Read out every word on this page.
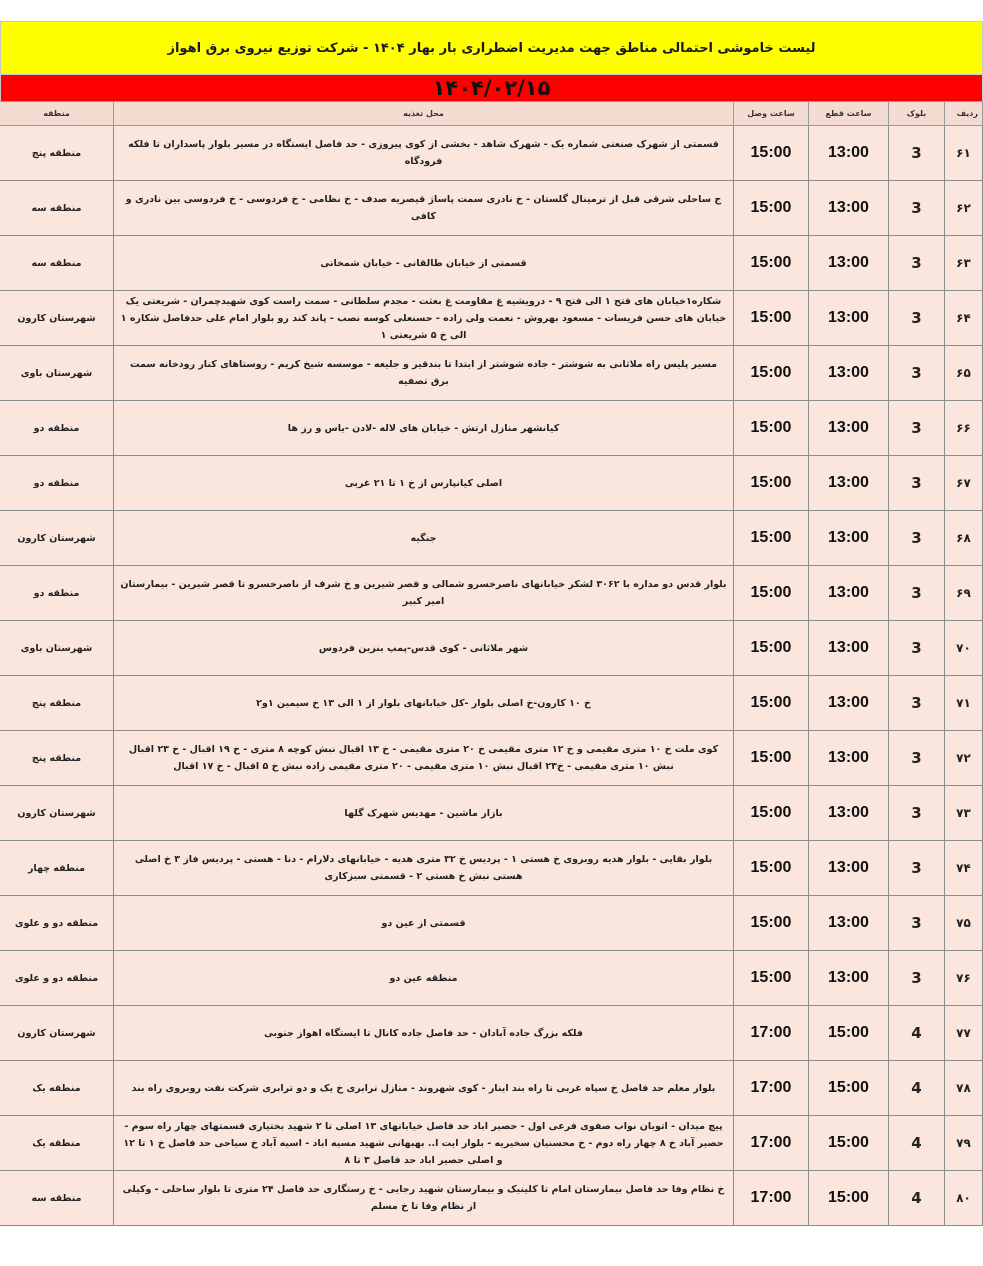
لیست خاموشی احتمالی مناطق جهت مدیریت اضطراری بار بهار ۱۴۰۴ - شرکت توزیع نیروی برق اهواز
۱۴۰۴/۰۲/۱۵
ردیف	بلوک	ساعت قطع	ساعت وصل	محل تغذیه	منطقه
۶۱	3	13:00	15:00	قسمتی از شهرک صنعتی شماره یک - شهرک شاهد - بخشی از کوی پیروزی - حد فاصل ایستگاه در مسیر بلوار پاسداران تا فلکه فرودگاه	منطقه پنج
۶۲	3	13:00	15:00	ج ساحلی شرقی قبل از ترمینال گلستان - خ نادری سمت پاساژ قیصریه صدف - خ نظامی - خ فردوسی - خ فردوسی بین نادری و کافی	منطقه سه
۶۳	3	13:00	15:00	قسمتی از خیابان طالقانی - خیابان شمخانی	منطقه سه
۶۴	3	13:00	15:00	شکاره۱خیابان های فتح ۱ الی فتح ۹ - درویشیه غ مقاومت غ بعثت - مجدم سلطانی - سمت راست کوی شهیدچمران - شریعتی یک خیابان های حسن فریسات - مسعود بهروش - نعمت ولی زاده - حسنعلی کوسه نصب - پاند کند رو بلوار امام علی حدفاصل شکاره ۱ الی خ ۵ شریعتی ۱	شهرستان کارون
۶۵	3	13:00	15:00	مسیر پلیس راه ملاثانی به شوشتر - جاده شوشتر از ابتدا تا بندقیر و جلیعه - موسسه شیخ کریم - روستاهای کنار رودخانه سمت برق تصفیه	شهرستان باوی
۶۶	3	13:00	15:00	کیانشهر منازل ارتش - خیابان های لاله -لادن -یاس و رز ها	منطقه دو
۶۷	3	13:00	15:00	اصلی کیانپارس از خ ۱ تا ۲۱ غربی	منطقه دو
۶۸	3	13:00	15:00	جنگیه	شهرستان کارون
۶۹	3	13:00	15:00	بلوار قدس دو مداره با ۳۰۶۲ لشکر خیابانهای ناصرخسرو شمالی و قصر شیرین و خ شرف از ناصرخسرو تا قصر شیرین - بیمارستان امیر کبیر	منطقه دو
۷۰	3	13:00	15:00	شهر ملاثانی - کوی قدس-پمپ بنزین فردوس	شهرستان باوی
۷۱	3	13:00	15:00	خ ۱۰ کارون-خ اصلی بلوار -کل خیابانهای بلوار از ۱ الی ۱۳ خ سیمین ۱و۲	منطقه پنج
۷۲	3	13:00	15:00	کوی ملت خ ۱۰ متری مقیمی و خ ۱۲ متری مقیمی خ ۲۰ متری مقیمی - خ ۱۳ اقبال نبش کوچه ۸ متری - خ ۱۹ اقبال - خ ۲۳ اقبال نبش ۱۰ متری مقیمی - خ۲۳ اقبال نبش ۱۰ متری مقیمی - ۲۰ متری مقیمی زاده نبش خ ۵ اقبال - خ ۱۷ اقبال	منطقه پنج
۷۳	3	13:00	15:00	بازار ماشین - مهدیس شهرک گلها	شهرستان کارون
۷۴	3	13:00	15:00	بلوار بقایی - بلوار هدیه روبروی خ هستی ۱ - پردیس خ ۳۲ متری هدیه - خیابانهای دلارام - دنا - هستی - پردیس فاز ۳ خ اصلی هستی نبش خ هستی ۲ - قسمتی سبزکاری	منطقه چهار
۷۵	3	13:00	15:00	قسمتی از عین دو	منطقه دو و علوی
۷۶	3	13:00	15:00	منطقه عین دو	منطقه دو و علوی
۷۷	4	15:00	17:00	فلکه بزرگ جاده آبادان - حد فاصل جاده کانال تا ایستگاه اهواز جنوبی	شهرستان کارون
۷۸	4	15:00	17:00	بلوار معلم حد فاصل خ سپاه غربی تا راه بند اینار - کوی شهروند - منازل ترابری خ یک و دو ترابری شرکت نفت روبروی راه بند	منطقه یک
۷۹	4	15:00	17:00	پیچ میدان - اتوبان نواب صفوی فرعی اول - حصیر اباد حد فاصل خیابانهای ۱۳ اصلی تا ۲ شهید بختیاری قسمتهای چهار راه سوم - حصیر آباد خ ۸ چهار راه دوم - خ محسنیان سخیریه - بلوار ایت ا.. بهبهانی شهید مسیه اباد - اسیه آباد خ سیاحی حد فاصل خ ۱ تا ۱۲ و اصلی حصیر اباد حد فاصل ۳ تا ۸	منطقه یک
۸۰	4	15:00	17:00	خ نظام وفا حد فاصل بیمارستان امام تا کلینیک و بیمارستان شهید رجایی - خ رستگاری حد فاصل ۲۴ متری تا بلوار ساحلی - وکیلی از نظام وفا تا خ مسلم	منطقه سه
